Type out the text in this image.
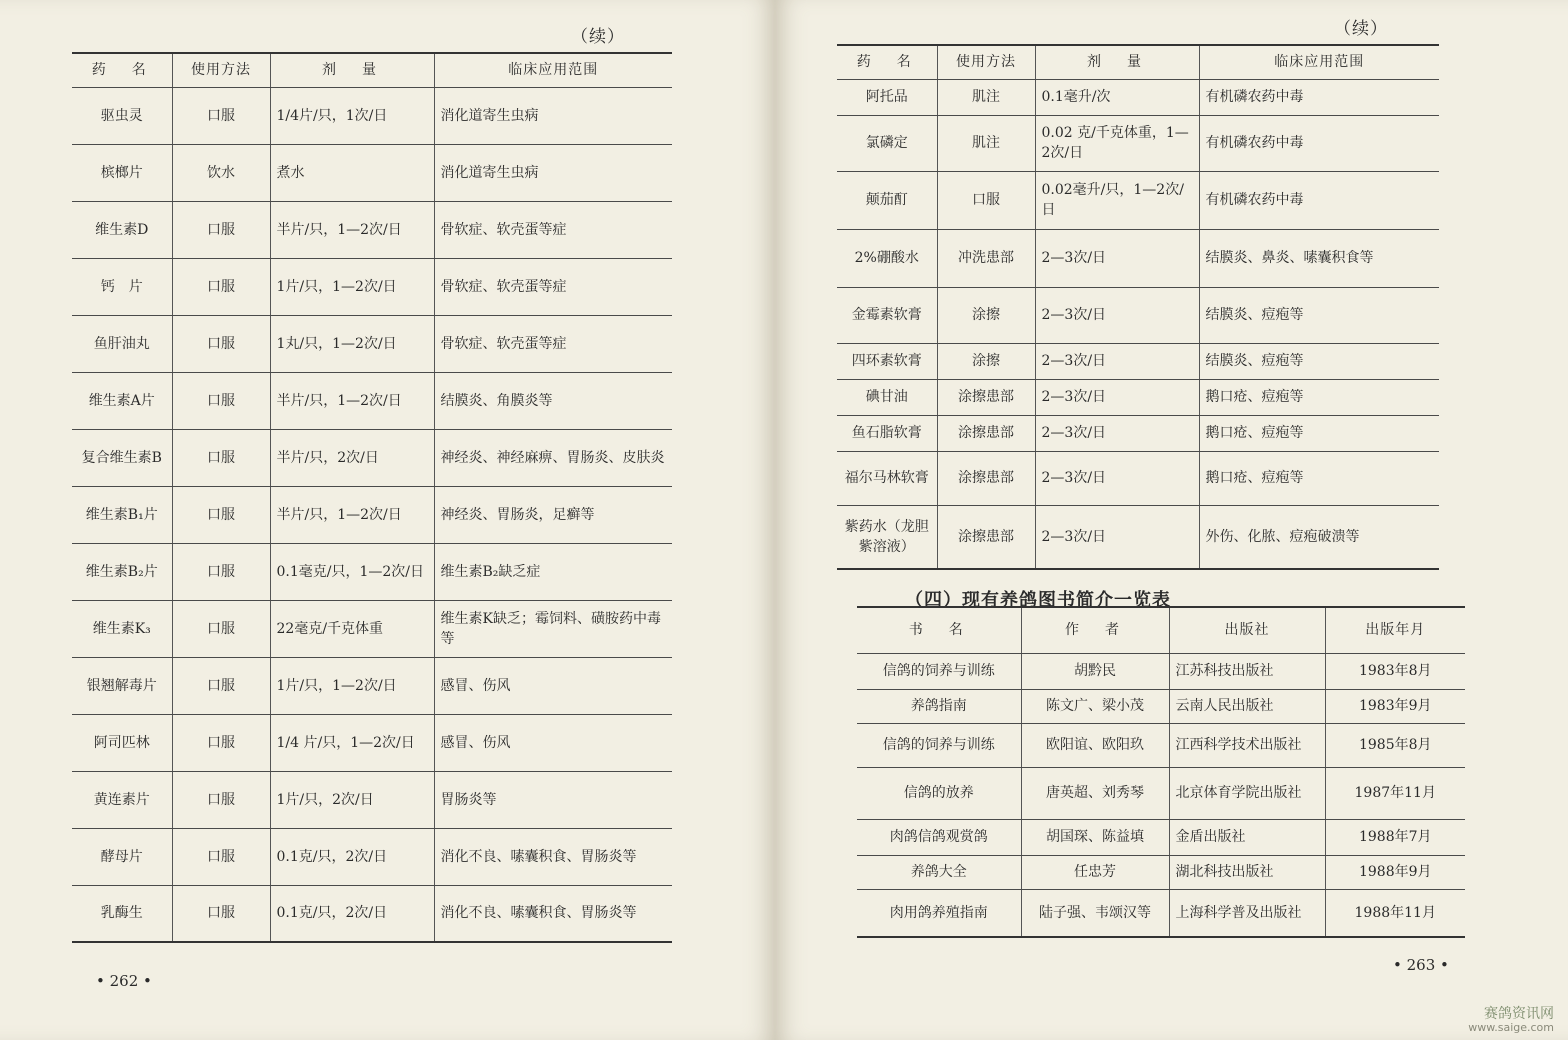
（续）
药　名	使用方法	剂　量	临床应用范围
驱虫灵	口服	1/4片/只，1次/日	消化道寄生虫病
槟榔片	饮水	煮水	消化道寄生虫病
维生素D	口服	半片/只，1—2次/日	骨软症、软壳蛋等症
钙　片	口服	1片/只，1—2次/日	骨软症、软壳蛋等症
鱼肝油丸	口服	1丸/只，1—2次/日	骨软症、软壳蛋等症
维生素A片	口服	半片/只，1—2次/日	结膜炎、角膜炎等
复合维生素B	口服	半片/只，2次/日	神经炎、神经麻痹、胃肠炎、皮肤炎
维生素B₁片	口服	半片/只，1—2次/日	神经炎、胃肠炎，足癣等
维生素B₂片	口服	0.1毫克/只，1—2次/日	维生素B₂缺乏症
维生素K₃	口服	22毫克/千克体重	维生素K缺乏；霉饲料、磺胺药中毒等
银翘解毒片	口服	1片/只，1—2次/日	感冒、伤风
阿司匹林	口服	1/4 片/只，1—2次/日	感冒、伤风
黄连素片	口服	1片/只，2次/日	胃肠炎等
酵母片	口服	0.1克/只，2次/日	消化不良、嗉囊积食、胃肠炎等
乳酶生	口服	0.1克/只，2次/日	消化不良、嗉囊积食、胃肠炎等
• 262 •
（续）
药　名	使用方法	剂　量	临床应用范围
阿托品	肌注	0.1毫升/次	有机磷农药中毒
氯磷定	肌注	0.02 克/千克体重，1—2次/日	有机磷农药中毒
颠茄酊	口服	0.02毫升/只，1—2次/日	有机磷农药中毒
2%硼酸水	冲洗患部	2—3次/日	结膜炎、鼻炎、嗉囊积食等
金霉素软膏	涂擦	2—3次/日	结膜炎、痘疱等
四环素软膏	涂擦	2—3次/日	结膜炎、痘疱等
碘甘油	涂擦患部	2—3次/日	鹅口疮、痘疱等
鱼石脂软膏	涂擦患部	2—3次/日	鹅口疮、痘疱等
福尔马林软膏	涂擦患部	2—3次/日	鹅口疮、痘疱等
紫药水（龙胆紫溶液）	涂擦患部	2—3次/日	外伤、化脓、痘疱破溃等
（四）现有养鸽图书简介一览表
书　名	作　者	出版社	出版年月
信鸽的饲养与训练	胡黔民	江苏科技出版社	1983年8月
养鸽指南	陈文广、梁小茂	云南人民出版社	1983年9月
信鸽的饲养与训练	欧阳谊、欧阳玖	江西科学技术出版社	1985年8月
信鸽的放养	唐英超、刘秀琴	北京体育学院出版社	1987年11月
肉鸽信鸽观赏鸽	胡国琛、陈益填	金盾出版社	1988年7月
养鸽大全	任忠芳	湖北科技出版社	1988年9月
肉用鸽养殖指南	陆子强、韦颂汉等	上海科学普及出版社	1988年11月
• 263 •
赛鸽资讯网
www.saige.com
